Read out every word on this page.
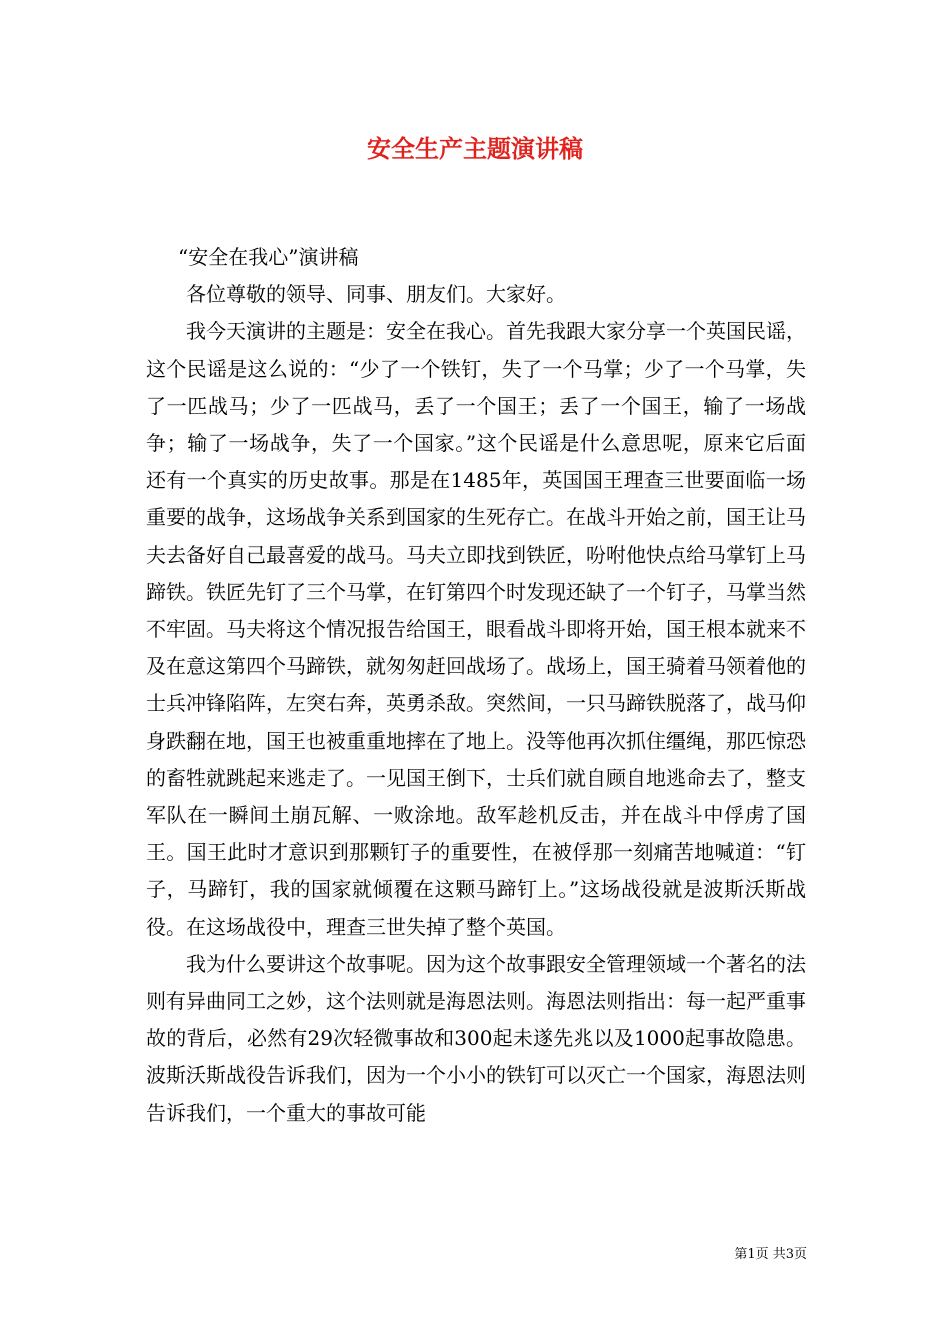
安全生产主题演讲稿

“安全在我心”演讲稿

各位尊敬的领导、同事、朋友们。大家好。

我今天演讲的主题是：安全在我心。首先我跟大家分享一个英国民谣，这个民谣是这么说的：“少了一个铁钉，失了一个马掌；少了一个马掌，失了一匹战马；少了一匹战马，丢了一个国王；丢了一个国王，输了一场战争；输了一场战争，失了一个国家。”这个民谣是什么意思呢，原来它后面还有一个真实的历史故事。那是在1485年，英国国王理查三世要面临一场重要的战争，这场战争关系到国家的生死存亡。在战斗开始之前，国王让马夫去备好自己最喜爱的战马。马夫立即找到铁匠，吩咐他快点给马掌钉上马蹄铁。铁匠先钉了三个马掌，在钉第四个时发现还缺了一个钉子，马掌当然不牢固。马夫将这个情况报告给国王，眼看战斗即将开始，国王根本就来不及在意这第四个马蹄铁，就匆匆赶回战场了。战场上，国王骑着马领着他的士兵冲锋陷阵，左突右奔，英勇杀敌。突然间，一只马蹄铁脱落了，战马仰身跌翻在地，国王也被重重地摔在了地上。没等他再次抓住缰绳，那匹惊恐的畜牲就跳起来逃走了。一见国王倒下，士兵们就自顾自地逃命去了，整支军队在一瞬间土崩瓦解、一败涂地。敌军趁机反击，并在战斗中俘虏了国王。国王此时才意识到那颗钉子的重要性，在被俘那一刻痛苦地喊道：“钉子，马蹄钉，我的国家就倾覆在这颗马蹄钉上。”这场战役就是波斯沃斯战役。在这场战役中，理查三世失掉了整个英国。

我为什么要讲这个故事呢。因为这个故事跟安全管理领域一个著名的法则有异曲同工之妙，这个法则就是海恩法则。海恩法则指出：每一起严重事故的背后，必然有29次轻微事故和300起未遂先兆以及1000起事故隐患。波斯沃斯战役告诉我们，因为一个小小的铁钉可以灭亡一个国家，海恩法则告诉我们，一个重大的事故可能

第1页 共3页
